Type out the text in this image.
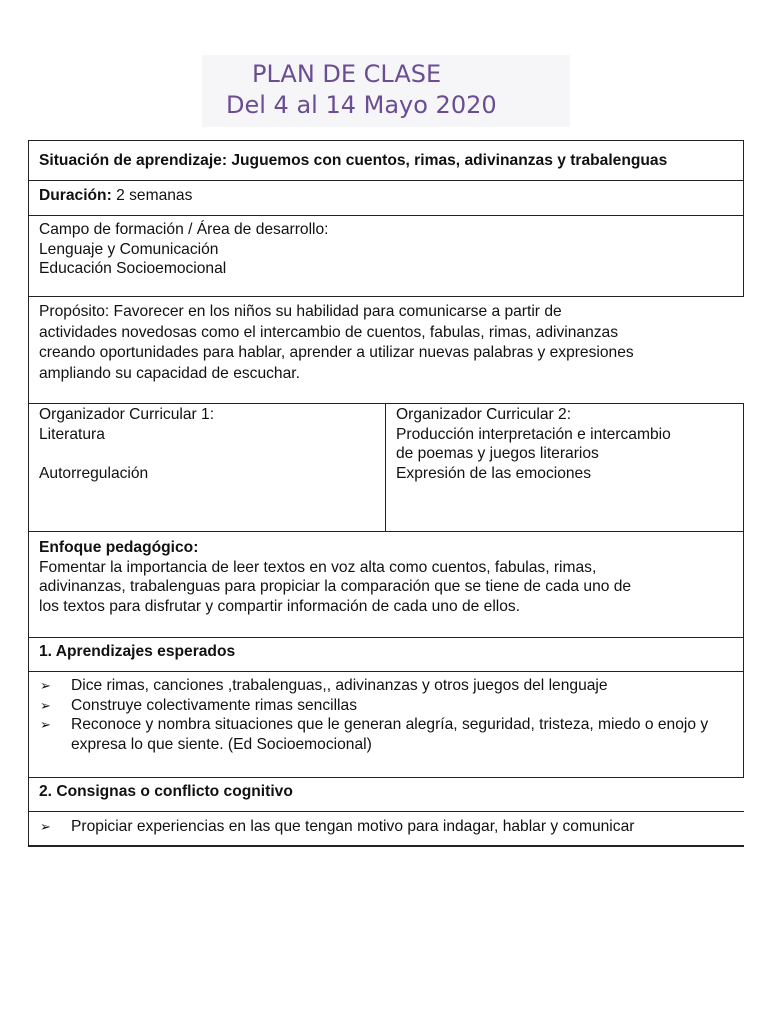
PLAN DE CLASE
Del 4 al 14 Mayo 2020
Situación de aprendizaje: Juguemos con cuentos, rimas, adivinanzas y trabalenguas
Duración: 2 semanas
Campo de formación / Área de desarrollo:
Lenguaje y Comunicación
Educación Socioemocional
Propósito: Favorecer en los niños su habilidad para comunicarse a partir de
actividades novedosas como el intercambio de cuentos, fabulas, rimas, adivinanzas
creando oportunidades para hablar, aprender a utilizar nuevas palabras y expresiones
ampliando su capacidad de escuchar.
Organizador Curricular 1:
Literatura
Autorregulación
Organizador Curricular 2:
Producción interpretación e intercambio
de poemas y juegos literarios
Expresión de las emociones
Enfoque pedagógico:
Fomentar la importancia de leer textos en voz alta como cuentos, fabulas, rimas,
adivinanzas, trabalenguas para propiciar la comparación que se tiene de cada uno de
los textos para disfrutar y compartir información de cada uno de ellos.
1. Aprendizajes esperados
➢ Dice rimas, canciones ,trabalenguas,, adivinanzas y otros juegos del lenguaje
➢ Construye colectivamente rimas sencillas
➢ Reconoce y nombra situaciones que le generan alegría, seguridad, tristeza, miedo o enojo y expresa lo que siente. (Ed Socioemocional)
2. Consignas o conflicto cognitivo
➢ Propiciar experiencias en las que tengan motivo para indagar, hablar y comunicar
